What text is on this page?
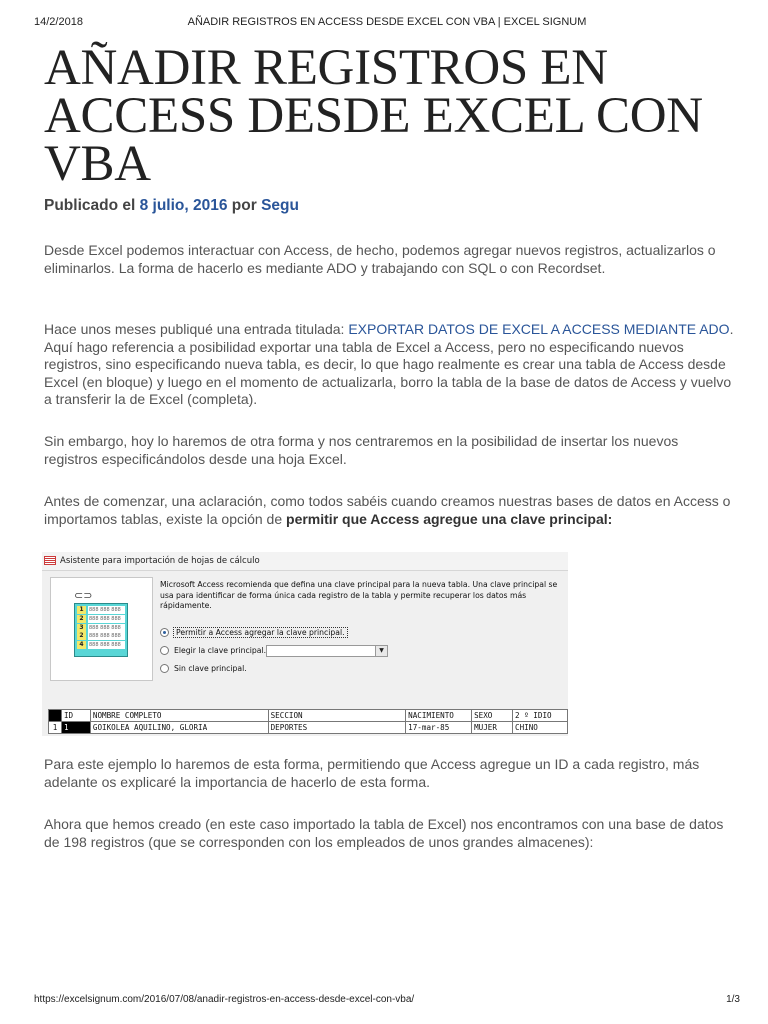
14/2/2018	AÑADIR REGISTROS EN ACCESS DESDE EXCEL CON VBA | EXCEL SIGNUM
AÑADIR REGISTROS EN ACCESS DESDE EXCEL CON VBA
Publicado el 8 julio, 2016 por Segu

Desde Excel podemos interactuar con Access, de hecho, podemos agregar nuevos registros, actualizarlos o eliminarlos. La forma de hacerlo es mediante ADO y trabajando con SQL o con Recordset.

Hace unos meses publiqué una entrada titulada: EXPORTAR DATOS DE EXCEL A ACCESS MEDIANTE ADO. Aquí hago referencia a posibilidad exportar una tabla de Excel a Access, pero no especificando nuevos registros, sino especificando nueva tabla, es decir, lo que hago realmente es crear una tabla de Access desde Excel (en bloque) y luego en el momento de actualizarla, borro la tabla de la base de datos de Access y vuelvo a transferir la de Excel (completa).

Sin embargo, hoy lo haremos de otra forma y nos centraremos en la posibilidad de insertar los nuevos registros especificándolos desde una hoja Excel.

Antes de comenzar, una aclaración, como todos sabéis cuando creamos nuestras bases de datos en Access o importamos tablas, existe la opción de permitir que Access agregue una clave principal:

Asistente para importación de hojas de cálculo
⊂⊃
1	888 888 888
2	888 888 888
3	888 888 888
2	888 888 888
4	888 888 888

Microsoft Access recomienda que defina una clave principal para la nueva tabla. Una clave principal se usa para identificar de forma única cada registro de la tabla y permite recuperar los datos más rápidamente.

Permitir a Access agregar la clave principal.
Elegir la clave principal.	▼
Sin clave principal.
	ID	NOMBRE COMPLETO	SECCION	NACIMIENTO	SEXO	2 º IDIO
1	1	GOIKOLEA AQUILINO, GLORIA	DEPORTES	17-mar-85	MUJER	CHINO

Para este ejemplo lo haremos de esta forma, permitiendo que Access agregue un ID a cada registro, más adelante os explicaré la importancia de hacerlo de esta forma.

Ahora que hemos creado (en este caso importado la tabla de Excel) nos encontramos con una base de datos de 198 registros (que se corresponden con los empleados de unos grandes almacenes):

https://excelsignum.com/2016/07/08/anadir-registros-en-access-desde-excel-con-vba/	1/3
